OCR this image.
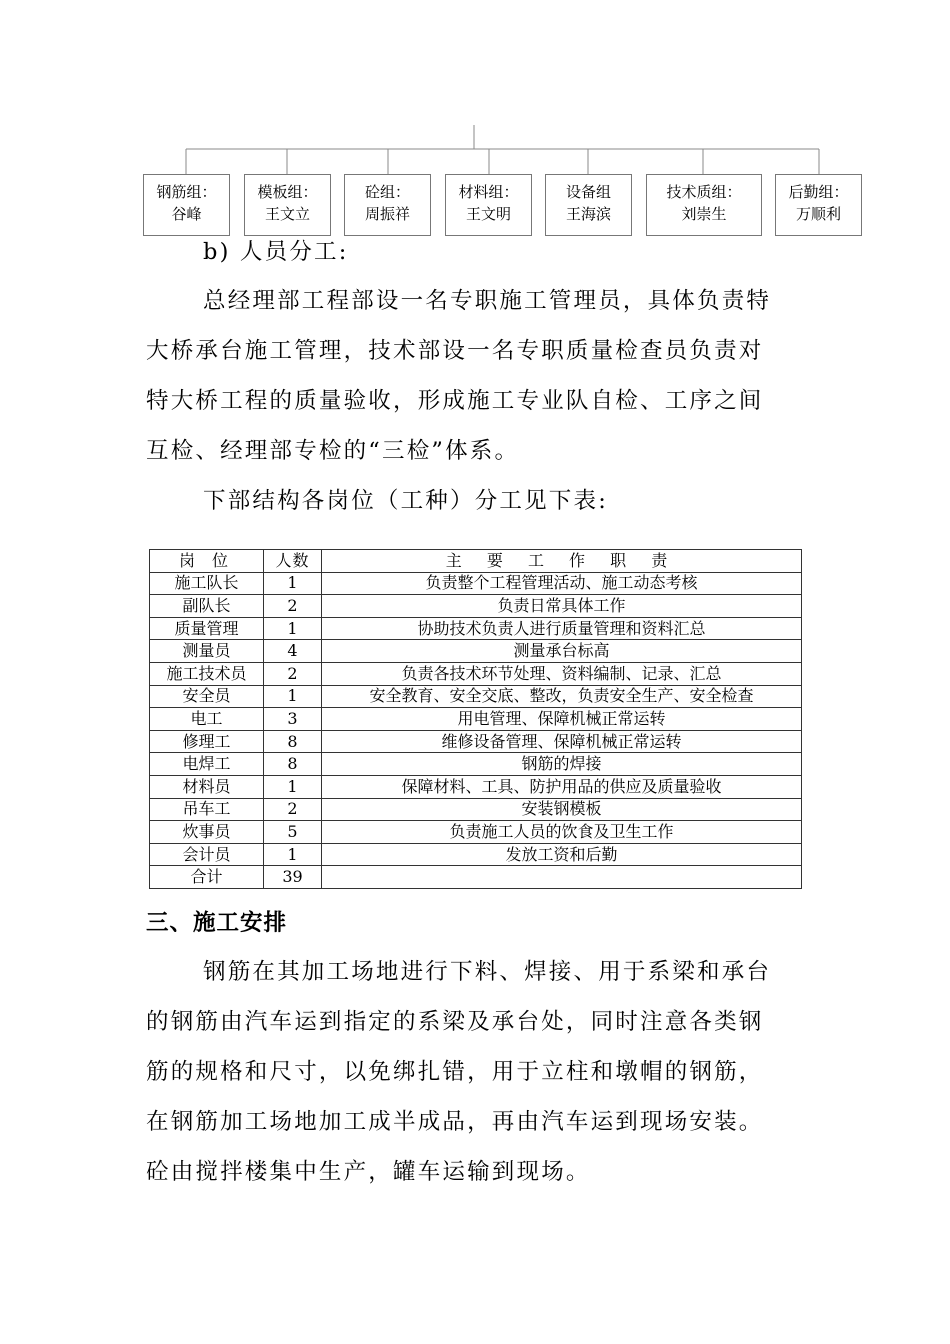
钢筋组：
谷峰
模板组：
王文立
砼组：
周振祥
材料组：
王文明
设备组
王海滨
技术质组：
刘崇生
后勤组：
万顺利
b) 人员分工:
总经理部工程部设一名专职施工管理员，具体负责特
大桥承台施工管理，技术部设一名专职质量检查员负责对
特大桥工程的质量验收，形成施工专业队自检、工序之间
互检、经理部专检的“三检”体系。
下部结构各岗位（工种）分工见下表:
岗 位	人数	主 要 工 作 职 责
施工队长	1	负责整个工程管理活动、施工动态考核
副队长	2	负责日常具体工作
质量管理	1	协助技术负责人进行质量管理和资料汇总
测量员	4	测量承台标高
施工技术员	2	负责各技术环节处理、资料编制、记录、汇总
安全员	1	安全教育、安全交底、整改，负责安全生产、安全检查
电工	3	用电管理、保障机械正常运转
修理工	8	维修设备管理、保障机械正常运转
电焊工	8	钢筋的焊接
材料员	1	保障材料、工具、防护用品的供应及质量验收
吊车工	2	安装钢模板
炊事员	5	负责施工人员的饮食及卫生工作
会计员	1	发放工资和后勤
合计	39	
三、施工安排
钢筋在其加工场地进行下料、焊接、用于系梁和承台
的钢筋由汽车运到指定的系梁及承台处，同时注意各类钢
筋的规格和尺寸，以免绑扎错，用于立柱和墩帽的钢筋，
在钢筋加工场地加工成半成品，再由汽车运到现场安装。
砼由搅拌楼集中生产，罐车运输到现场。
